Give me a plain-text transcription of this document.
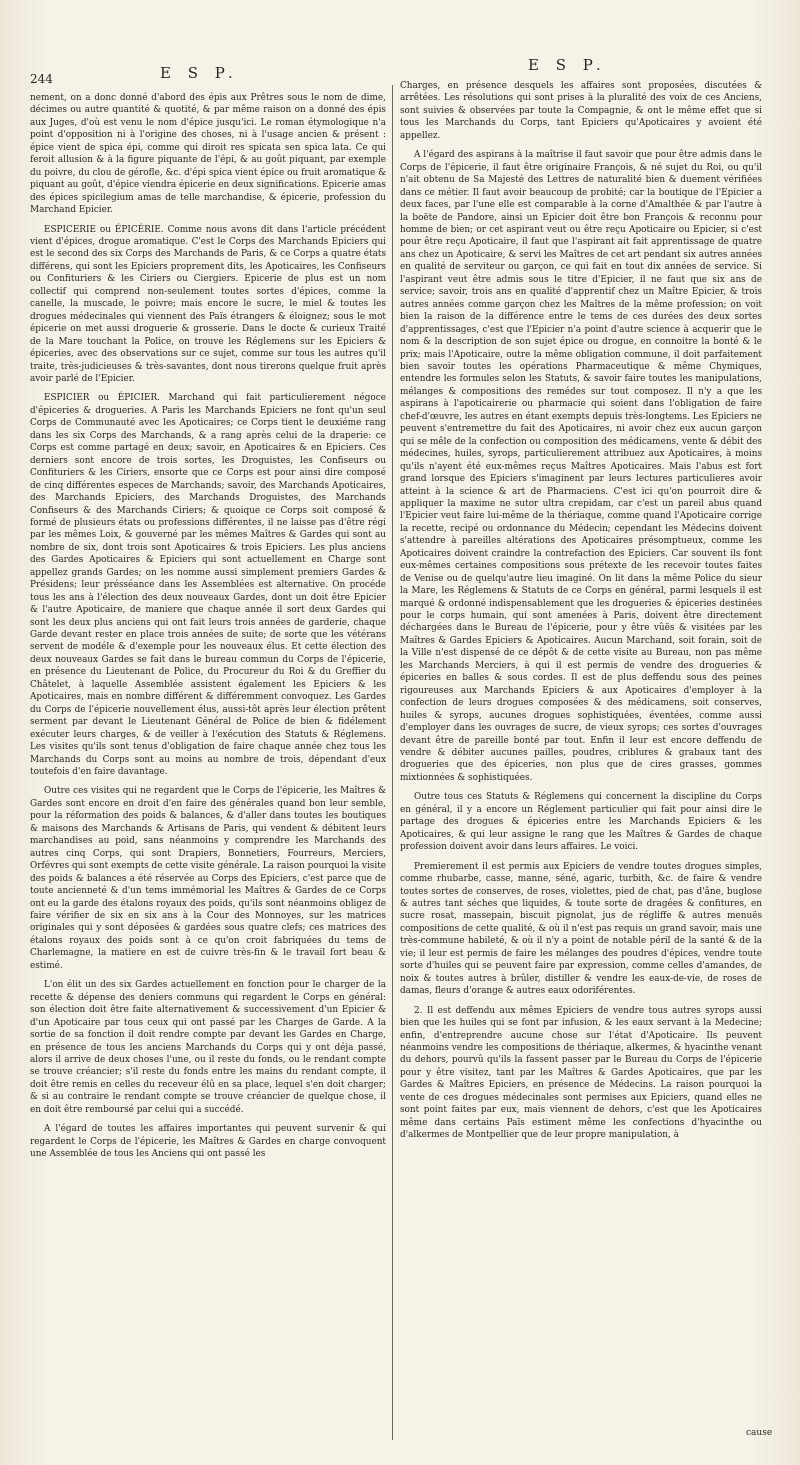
244	E S P.	E S P.

nement, on a donc donné d'abord des épis aux Prêtres sous le nom de dime, décimes ou autre quantité & quotité, & par même raison on a donné des épis aux Juges, d'où est venu le nom d'épice jusqu'ici. Le roman étymologique n'a point d'opposition ni à l'origine des choses, ni à l'usage ancien & présent : épice vient de spica épi, comme qui diroit res spicata sen spica lata. Ce qui feroit allusion & à la figure piquante de l'épi, & au goût piquant, par exemple du poivre, du clou de gérofle, &c. d'épi spica vient épice ou fruit aromatique & piquant au goût, d'épice viendra épicerie en deux significations. Epicerie amas des épices spicilegium amas de telle marchandise, & épicerie, profession du Marchand Epicier.

ESPICERIE ou ÉPICÉRIE. Comme nous avons dit dans l'article précédent vient d'épices, drogue aromatique. C'est le Corps des Marchands Epiciers qui est le second des six Corps des Marchands de Paris, & ce Corps a quatre états différens, qui sont les Epiciers proprement dits, les Apoticaires, les Confiseurs ou Confituriers & les Ciriers ou Ciergiers. Epicerie de plus est un nom collectif qui comprend non-seulement toutes sortes d'épices, comme la canelle, la muscade, le poivre; mais encore le sucre, le miel & toutes les drogues médecinales qui viennent des Païs étrangers & éloignez; sous le mot épicerie on met aussi droguerie & grosserie. Dans le docte & curieux Traité de la Mare touchant la Police, on trouve les Réglemens sur les Epiciers & épiceries, avec des observations sur ce sujet, comme sur tous les autres qu'il traite, très-judicieuses & très-savantes, dont nous tirerons quelque fruit après avoir parlé de l'Epicier.

ESPICIER ou ÉPICIER. Marchand qui fait particulierement négoce d'épiceries & drogueries. A Paris les Marchands Epiciers ne font qu'un seul Corps de Communauté avec les Apoticaires; ce Corps tient le deuxiéme rang dans les six Corps des Marchands, & a rang après celui de la draperie: ce Corps est comme partagé en deux; savoir, en Apoticaires & en Epiciers. Ces derniers sont encore de trois sortes, les Droguistes, les Confiseurs ou Confituriers & les Ciriers, ensorte que ce Corps est pour ainsi dire composé de cinq différentes especes de Marchands; savoir, des Marchands Apoticaires, des Marchands Epiciers, des Marchands Droguistes, des Marchands Confiseurs & des Marchands Ciriers; & quoique ce Corps soit composé & formé de plusieurs états ou professions différentes, il ne laisse pas d'être régi par les mêmes Loix, & gouverné par les mêmes Maîtres & Gardes qui sont au nombre de six, dont trois sont Apoticaires & trois Epiciers. Les plus anciens des Gardes Apoticaires & Epiciers qui sont actuellement en Charge sont appellez grands Gardes; on les nomme aussi simplement premiers Gardes & Présidens; leur présséance dans les Assemblées est alternative. On procéde tous les ans à l'élection des deux nouveaux Gardes, dont un doit être Epicier & l'autre Apoticaire, de maniere que chaque année il sort deux Gardes qui sont les deux plus anciens qui ont fait leurs trois années de garderie, chaque Garde devant rester en place trois années de suite; de sorte que les vétérans servent de modéle & d'exemple pour les nouveaux élus. Et cette élection des deux nouveaux Gardes se fait dans le bureau commun du Corps de l'épicerie, en présence du Lieutenant de Police, du Procureur du Roi & du Greffier du Châtelet, à laquelle Assemblée assistent également les Epiciers & les Apoticaires, mais en nombre différent & différemment convoquez. Les Gardes du Corps de l'épicerie nouvellement élus, aussi-tôt après leur élection prêtent serment par devant le Lieutenant Général de Police de bien & fidélement exécuter leurs charges, & de veiller à l'exécution des Statuts & Réglemens. Les visites qu'ils sont tenus d'obligation de faire chaque année chez tous les Marchands du Corps sont au moins au nombre de trois, dépendant d'eux toutefois d'en faire davantage.

Outre ces visites qui ne regardent que le Corps de l'épicerie, les Maîtres & Gardes sont encore en droit d'en faire des générales quand bon leur semble, pour la réformation des poids & balances, & d'aller dans toutes les boutiques & maisons des Marchands & Artisans de Paris, qui vendent & débitent leurs marchandises au poid, sans néanmoins y comprendre les Marchands des autres cinq Corps, qui sont Drapiers, Bonnetiers, Fourreurs, Merciers, Orfévres qui sont exempts de cette visite générale. La raison pourquoi la visite des poids & balances a été réservée au Corps des Epiciers, c'est parce que de toute ancienneté & d'un tems immémorial les Maîtres & Gardes de ce Corps ont eu la garde des étalons royaux des poids, qu'ils sont néanmoins obligez de faire vérifier de six en six ans à la Cour des Monnoyes, sur les matrices originales qui y sont déposées & gardées sous quatre clefs; ces matrices des étalons royaux des poids sont à ce qu'on croit fabriquées du tems de Charlemagne, la matiere en est de cuivre très-fin & le travail fort beau & estimé.

L'on élit un des six Gardes actuellement en fonction pour le charger de la recette & dépense des deniers communs qui regardent le Corps en général: son élection doit être faite alternativement & successivement d'un Epicier & d'un Apoticaire par tous ceux qui ont passé par les Charges de Garde. A la sortie de sa fonction il doit rendre compte par devant les Gardes en Charge, en présence de tous les anciens Marchands du Corps qui y ont déja passé, alors il arrive de deux choses l'une, ou il reste du fonds, ou le rendant compte se trouve créancier; s'il reste du fonds entre les mains du rendant compte, il doit être remis en celles du receveur élû en sa place, lequel s'en doit charger; & si au contraire le rendant compte se trouve créancier de quelque chose, il en doit être remboursé par celui qui a succédé.

A l'égard de toutes les affaires importantes qui peuvent survenir & qui regardent le Corps de l'épicerie, les Maîtres & Gardes en charge convoquent une Assemblée de tous les Anciens qui ont passé les

Charges, en présence desquels les affaires sont proposées, discutées & arrêtées. Les résolutions qui sont prises à la pluralité des voix de ces Anciens, sont suivies & observées par toute la Compagnie, & ont le même effet que si tous les Marchands du Corps, tant Epiciers qu'Apoticaires y avoient été appellez.

A l'égard des aspirans à la maîtrise il faut savoir que pour être admis dans le Corps de l'épicerie, il faut être originaire François, & né sujet du Roi, ou qu'il n'ait obtenu de Sa Majesté des Lettres de naturalité bien & duement vérifiées dans ce métier. Il faut avoir beaucoup de probité; car la boutique de l'Epicier a deux faces, par l'une elle est comparable à la corne d'Amalthée & par l'autre à la boëte de Pandore, ainsi un Epicier doit être bon François & reconnu pour homme de bien; or cet aspirant veut ou être reçu Apoticaire ou Epicier, si c'est pour être reçu Apoticaire, il faut que l'aspirant ait fait apprentissage de quatre ans chez un Apoticaire, & servi les Maîtres de cet art pendant six autres années en qualité de serviteur ou garçon, ce qui fait en tout dix années de service. Si l'aspirant veut être admis sous le titre d'Epicier, il ne faut que six ans de service; savoir, trois ans en qualité d'apprentif chez un Maître Epicier, & trois autres années comme garçon chez les Maîtres de la même profession; on voit bien la raison de la différence entre le tems de ces durées des deux sortes d'apprentissages, c'est que l'Epicier n'a point d'autre science à acquerir que le nom & la description de son sujet épice ou drogue, en connoitre la bonté & le prix; mais l'Apoticaire, outre la même obligation commune, il doit parfaitement bien savoir toutes les opérations Pharmaceutique & même Chymiques, entendre les formules selon les Statuts, & savoir faire toutes les manipulations, mélanges & compositions des remédes sur tout composez. Il n'y a que les aspirans à l'apoticairerie ou pharmacie qui soient dans l'obligation de faire chef-d'œuvre, les autres en étant exempts depuis très-longtems. Les Epiciers ne peuvent s'entremettre du fait des Apoticaires, ni avoir chez eux aucun garçon qui se mêle de la confection ou composition des médicamens, vente & débit des médecines, huiles, syrops, particulierement attribuez aux Apoticaires, à moins qu'ils n'ayent été eux-mêmes reçus Maîtres Apoticaires. Mais l'abus est fort grand lorsque des Epiciers s'imaginent par leurs lectures particulieres avoir atteint à la science & art de Pharmaciens. C'est ici qu'on pourroit dire & appliquer la maxime ne sutor ultra crepidam, car c'est un pareil abus quand l'Epicier veut faire lui-même de la thériaque, comme quand l'Apoticaire corrige la recette, recipé ou ordonnance du Médecin; cependant les Médecins doivent s'attendre à pareilles altérations des Apoticaires présomptueux, comme les Apoticaires doivent craindre la contrefaction des Epiciers. Car souvent ils font eux-mêmes certaines compositions sous prétexte de les recevoir toutes faites de Venise ou de quelqu'autre lieu imaginé. On lit dans la même Police du sieur la Mare, les Réglemens & Statuts de ce Corps en général, parmi lesquels il est marqué & ordonné indispensablement que les drogueries & épiceries destinées pour le corps humain, qui sont amenées à Paris, doivent être directement déchargées dans le Bureau de l'épicerie, pour y être vûës & visitées par les Maîtres & Gardes Epiciers & Apoticaires. Aucun Marchand, soit forain, soit de la Ville n'est dispensé de ce dépôt & de cette visite au Bureau, non pas même les Marchands Merciers, à qui il est permis de vendre des drogueries & épiceries en balles & sous cordes. Il est de plus deffendu sous des peines rigoureuses aux Marchands Epiciers & aux Apoticaires d'employer à la confection de leurs drogues composées & des médicamens, soit conserves, huiles & syrops, aucunes drogues sophistiquées, éventées, comme aussi d'employer dans les ouvrages de sucre, de vieux syrops; ces sortes d'ouvrages devant être de pareille bonté par tout. Enfin il leur est encore deffendu de vendre & débiter aucunes pailles, poudres, criblures & grabaux tant des drogueries que des épiceries, non plus que de cires grasses, gommes mixtionnées & sophistiquées.

Outre tous ces Statuts & Réglemens qui concernent la discipline du Corps en général, il y a encore un Réglement particulier qui fait pour ainsi dire le partage des drogues & épiceries entre les Marchands Epiciers & les Apoticaires, & qui leur assigne le rang que les Maîtres & Gardes de chaque profession doivent avoir dans leurs affaires. Le voici.

Premierement il est permis aux Epiciers de vendre toutes drogues simples, comme rhubarbe, casse, manne, séné, agaric, turbith, &c. de faire & vendre toutes sortes de conserves, de roses, violettes, pied de chat, pas d'âne, buglose & autres tant séches que liquides, & toute sorte de dragées & confitures, en sucre rosat, massepain, biscuit pignolat, jus de régliffe & autres menuës compositions de cette qualité, & où il n'est pas requis un grand savoir, mais une très-commune habileté, & où il n'y a point de notable péril de la santé & de la vie; il leur est permis de faire les mélanges des poudres d'épices, vendre toute sorte d'huiles qui se peuvent faire par expression, comme celles d'amandes, de noix & toutes autres à brûler, distiller & vendre les eaux-de-vie, de roses de damas, fleurs d'orange & autres eaux odoriférentes.

2. Il est deffendu aux mêmes Epiciers de vendre tous autres syrops aussi bien que les huiles qui se font par infusion, & les eaux servant à la Medecine; enfin, d'entreprendre aucune chose sur l'état d'Apoticaire. Ils peuvent néanmoins vendre les compositions de thériaque, alkermes, & hyacinthe venant du dehors, pourvû qu'ils la fassent passer par le Bureau du Corps de l'épicerie pour y être visitez, tant par les Maîtres & Gardes Apoticaires, que par les Gardes & Maîtres Epiciers, en présence de Médecins. La raison pourquoi la vente de ces drogues médecinales sont permises aux Epiciers, quand elles ne sont point faites par eux, mais viennent de dehors, c'est que les Apoticaires même dans certains Païs estiment même les confections d'hyacinthe ou d'alkermes de Montpellier que de leur propre manipulation, à

cause
